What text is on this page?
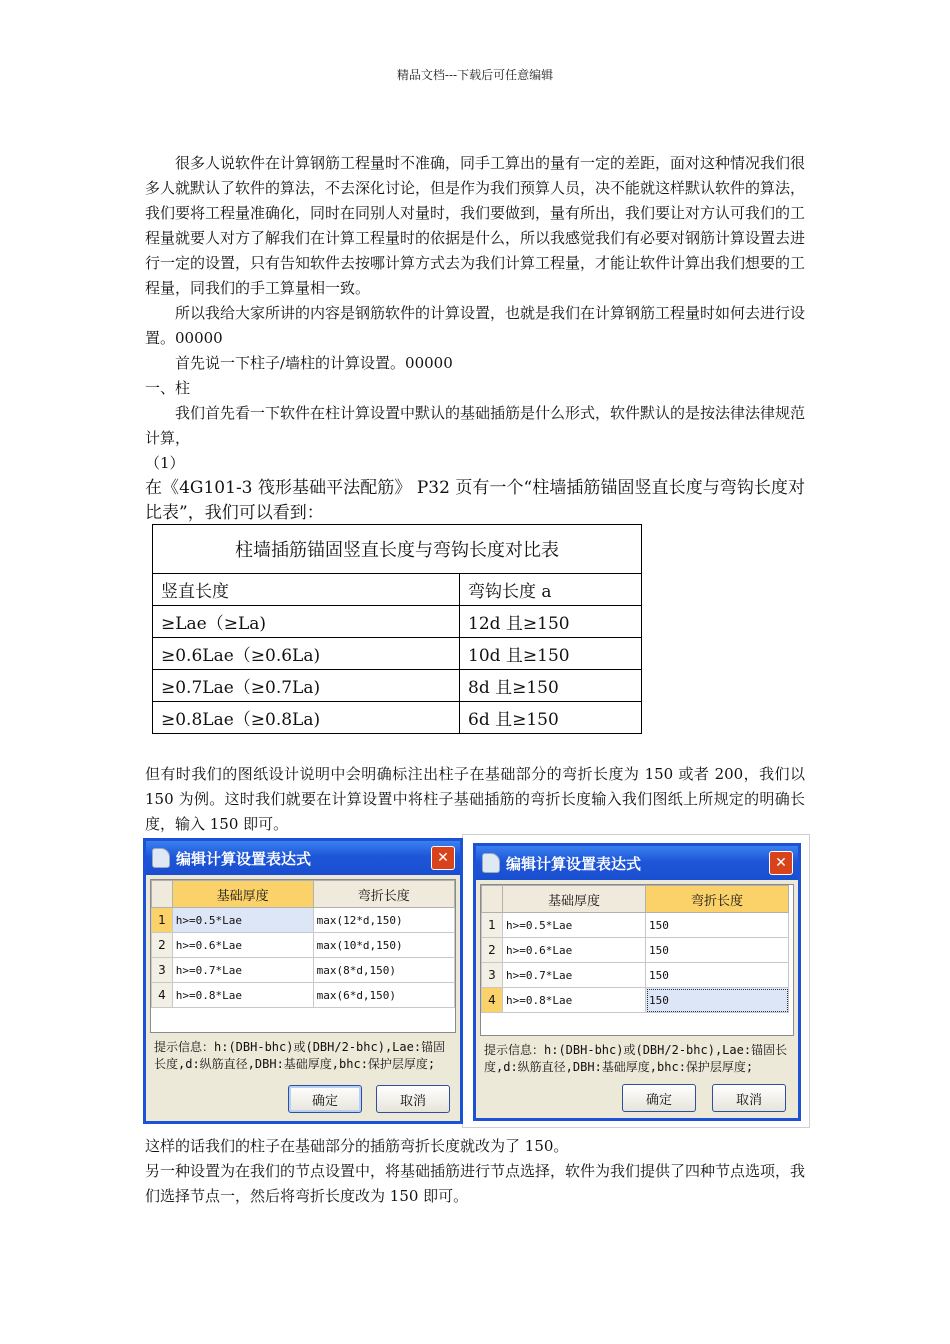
精品文档---下载后可任意编辑

很多人说软件在计算钢筋工程量时不准确，同手工算出的量有一定的差距，面对这种情况我们很多人就默认了软件的算法，不去深化讨论，但是作为我们预算人员，决不能就这样默认软件的算法，我们要将工程量准确化，同时在同别人对量时，我们要做到，量有所出，我们要让对方认可我们的工程量就要人对方了解我们在计算工程量时的依据是什么，所以我感觉我们有必要对钢筋计算设置去进行一定的设置，只有告知软件去按哪计算方式去为我们计算工程量，才能让软件计算出我们想要的工程量，同我们的手工算量相一致。

所以我给大家所讲的内容是钢筋软件的计算设置，也就是我们在计算钢筋工程量时如何去进行设置。00000

首先说一下柱子/墙柱的计算设置。00000

一、柱

我们首先看一下软件在柱计算设置中默认的基础插筋是什么形式，软件默认的是按法律法律规范计算，

（1）

在《4G101-3 筏形基础平法配筋》 P32 页有一个“柱墙插筋锚固竖直长度与弯钩长度对比表”，我们可以看到：

柱墙插筋锚固竖直长度与弯钩长度对比表	
竖直长度	弯钩长度 a
≥Lae（≥La)	12d 且≥150
≥0.6Lae（≥0.6La)	10d 且≥150
≥0.7Lae（≥0.7La)	8d 且≥150
≥0.8Lae（≥0.8La)	6d 且≥150

但有时我们的图纸设计说明中会明确标注出柱子在基础部分的弯折长度为 150 或者 200，我们以 150 为例。这时我们就要在计算设置中将柱子基础插筋的弯折长度输入我们图纸上所规定的明确长度，输入 150 即可。

编辑计算设置表达式	✕
	基础厚度	弯折长度
1	h>=0.5*Lae	max(12*d,150)
2	h>=0.6*Lae	max(10*d,150)
3	h>=0.7*Lae	max(8*d,150)
4	h>=0.8*Lae	max(6*d,150)
提示信息：h:(DBH-bhc)或(DBH/2-bhc),Lae:锚固长度,d:纵筋直径,DBH:基础厚度,bhc:保护层厚度;
确定	取消
编辑计算设置表达式	✕
	基础厚度	弯折长度
1	h>=0.5*Lae	150
2	h>=0.6*Lae	150
3	h>=0.7*Lae	150
4	h>=0.8*Lae	150
提示信息：h:(DBH-bhc)或(DBH/2-bhc),Lae:锚固长度,d:纵筋直径,DBH:基础厚度,bhc:保护层厚度;
确定	取消

这样的话我们的柱子在基础部分的插筋弯折长度就改为了 150。

另一种设置为在我们的节点设置中，将基础插筋进行节点选择，软件为我们提供了四种节点选项，我们选择节点一，然后将弯折长度改为 150 即可。
